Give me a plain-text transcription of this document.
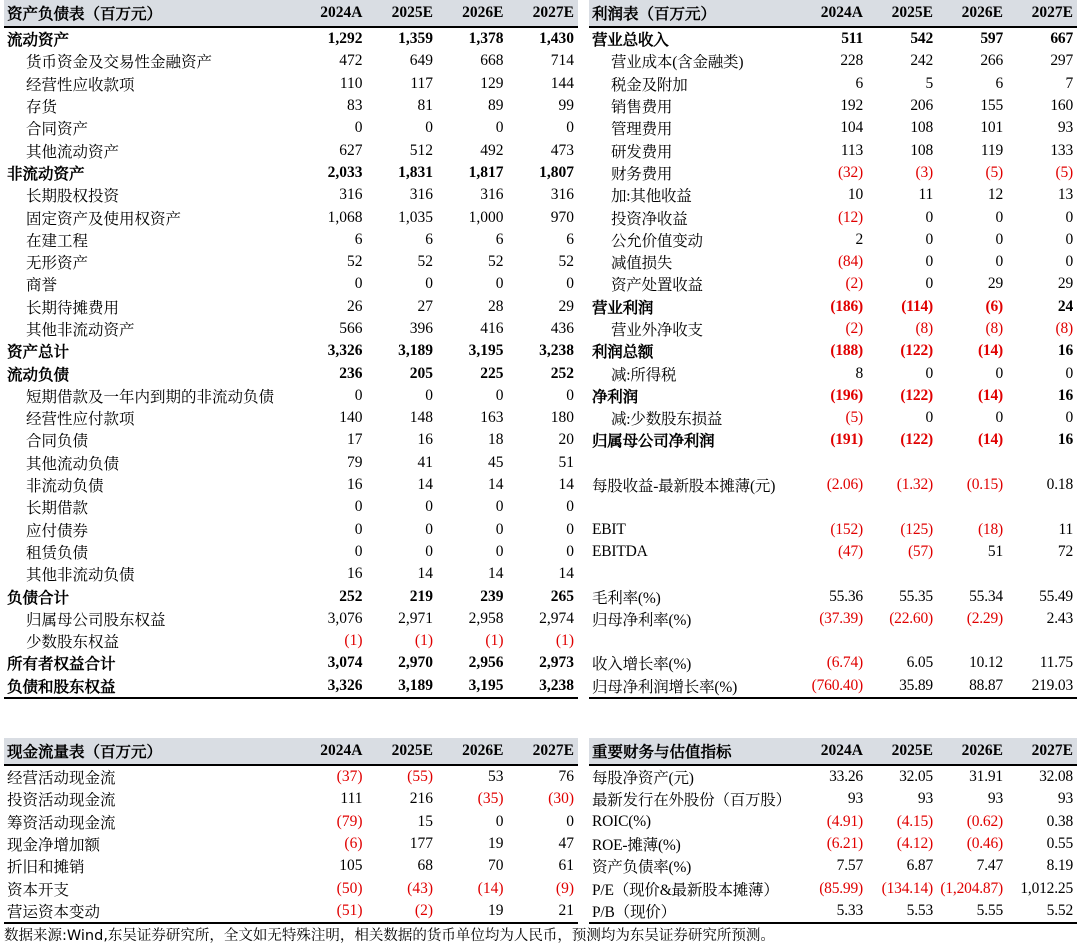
资产负债表（百万元）	2024A	2025E	2026E	2027E
流动资产	1,292	1,359	1,378	1,430
货币资金及交易性金融资产	472	649	668	714
经营性应收款项	110	117	129	144
存货	83	81	89	99
合同资产	0	0	0	0
其他流动资产	627	512	492	473
非流动资产	2,033	1,831	1,817	1,807
长期股权投资	316	316	316	316
固定资产及使用权资产	1,068	1,035	1,000	970
在建工程	6	6	6	6
无形资产	52	52	52	52
商誉	0	0	0	0
长期待摊费用	26	27	28	29
其他非流动资产	566	396	416	436
资产总计	3,326	3,189	3,195	3,238
流动负债	236	205	225	252
短期借款及一年内到期的非流动负债	0	0	0	0
经营性应付款项	140	148	163	180
合同负债	17	16	18	20
其他流动负债	79	41	45	51
非流动负债	16	14	14	14
长期借款	0	0	0	0
应付债券	0	0	0	0
租赁负债	0	0	0	0
其他非流动负债	16	14	14	14
负债合计	252	219	239	265
归属母公司股东权益	3,076	2,971	2,958	2,974
少数股东权益	(1)	(1)	(1)	(1)
所有者权益合计	3,074	2,970	2,956	2,973
负债和股东权益	3,326	3,189	3,195	3,238
利润表（百万元）	2024A	2025E	2026E	2027E
营业总收入	511	542	597	667
营业成本(含金融类)	228	242	266	297
税金及附加	6	5	6	7
销售费用	192	206	155	160
管理费用	104	108	101	93
研发费用	113	108	119	133
财务费用	(32)	(3)	(5)	(5)
加:其他收益	10	11	12	13
投资净收益	(12)	0	0	0
公允价值变动	2	0	0	0
减值损失	(84)	0	0	0
资产处置收益	(2)	0	29	29
营业利润	(186)	(114)	(6)	24
营业外净收支	(2)	(8)	(8)	(8)
利润总额	(188)	(122)	(14)	16
减:所得税	8	0	0	0
净利润	(196)	(122)	(14)	16
减:少数股东损益	(5)	0	0	0
归属母公司净利润	(191)	(122)	(14)	16

每股收益-最新股本摊薄(元)	(2.06)	(1.32)	(0.15)	0.18

EBIT	(152)	(125)	(18)	11
EBITDA	(47)	(57)	51	72

毛利率(%)	55.36	55.35	55.34	55.49
归母净利率(%)	(37.39)	(22.60)	(2.29)	2.43

收入增长率(%)	(6.74)	6.05	10.12	11.75
归母净利润增长率(%)	(760.40)	35.89	88.87	219.03
现金流量表（百万元）	2024A	2025E	2026E	2027E
经营活动现金流	(37)	(55)	53	76
投资活动现金流	111	216	(35)	(30)
筹资活动现金流	(79)	15	0	0
现金净增加额	(6)	177	19	47
折旧和摊销	105	68	70	61
资本开支	(50)	(43)	(14)	(9)
营运资本变动	(51)	(2)	19	21
重要财务与估值指标	2024A	2025E	2026E	2027E
每股净资产(元)	33.26	32.05	31.91	32.08
最新发行在外股份（百万股）	93	93	93	93
ROIC(%)	(4.91)	(4.15)	(0.62)	0.38
ROE-摊薄(%)	(6.21)	(4.12)	(0.46)	0.55
资产负债率(%)	7.57	6.87	7.47	8.19
P/E（现价&最新股本摊薄）	(85.99)	(134.14)	(1,204.87)	1,012.25
P/B（现价）	5.33	5.53	5.55	5.52
数据来源:Wind,东吴证券研究所，全文如无特殊注明，相关数据的货币单位均为人民币，预测均为东吴证券研究所预测。
